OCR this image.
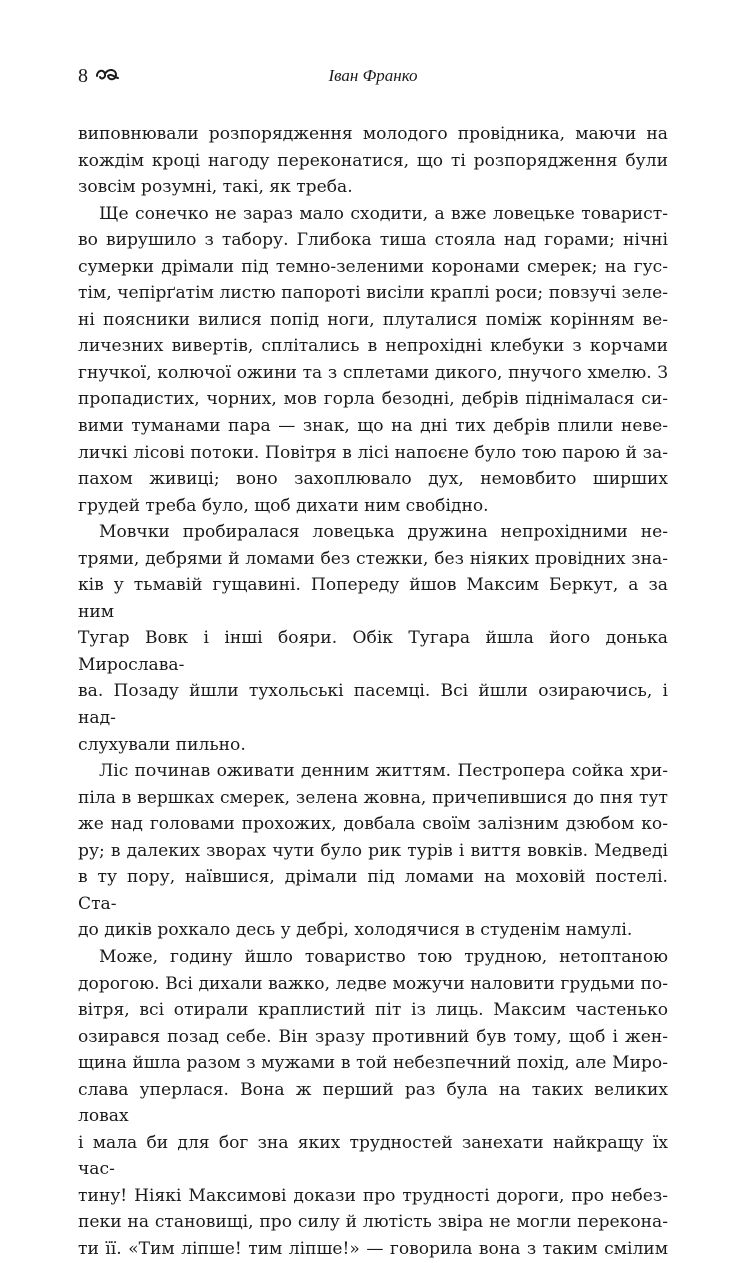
8	Іван Франко

виповнювали розпорядження молодого провідника, маючи на

кождім кроці нагоду переконатися, що ті розпорядження були

зовсім розумні, такі, як треба.

Ще сонечко не зараз мало сходити, а вже ловецьке товарист-

во вирушило з табору. Глибока тиша стояла над горами; нічні

сумерки дрімали під темно-зеленими коронами смерек; на гус-

тім, чепірґатім листю папороті висіли краплі роси; повзучі зеле-

ні поясники вилися попід ноги, плуталися поміж корінням ве-

личезних вивертів, сплітались в непрохідні клебуки з корчами

гнучкої, колючої ожини та з сплетами дикого, пнучого хмелю. З

пропадистих, чорних, мов горла безодні, дебрів піднімалася си-

вими туманами пара — знак, що на дні тих дебрів плили неве-

личкі лісові потоки. Повітря в лісі напоєне було тою парою й за-

пахом живиці; воно захоплювало дух, немовбито ширших

грудей треба було, щоб дихати ним свобідно.

Мовчки пробиралася ловецька дружина непрохідними не-

трями, дебрями й ломами без стежки, без ніяких провідних зна-

ків у тьмавій гущавині. Попереду йшов Максим Беркут, а за ним

Тугар Вовк і інші бояри. Обік Тугара йшла його донька Мирослава-

ва. Позаду йшли тухольські пасемці. Всі йшли озираючись, і над-

слухували пильно.

Ліс починав оживати денним життям. Пестропера сойка хри-

піла в вершках смерек, зелена жовна, причепившися до пня тут

же над головами прохожих, довбала своїм залізним дзюбом ко-

ру; в далеких зворах чути було рик турів і виття вовків. Медведі

в ту пору, наївшися, дрімали під ломами на моховій постелі. Ста-

до диків рохкало десь у дебрі, холодячися в студенім намулі.

Може, годину йшло товариство тою трудною, нетоптаною

дорогою. Всі дихали важко, ледве можучи наловити грудьми по-

вітря, всі отирали краплистий піт із лиць. Максим частенько

озирався позад себе. Він зразу противний був тому, щоб і жен-

щина йшла разом з мужами в той небезпечний похід, але Миро-

слава уперлася. Вона ж перший раз була на таких великих ловах

і мала би для бог зна яких трудностей занехати найкращу їх час-

тину! Ніякі Максимові докази про трудності дороги, про небез-

пеки на становищі, про силу й лютість звіра не могли переконa-

ти її. «Тим ліпше! тим ліпше!» — говорила вона з таким смілим
